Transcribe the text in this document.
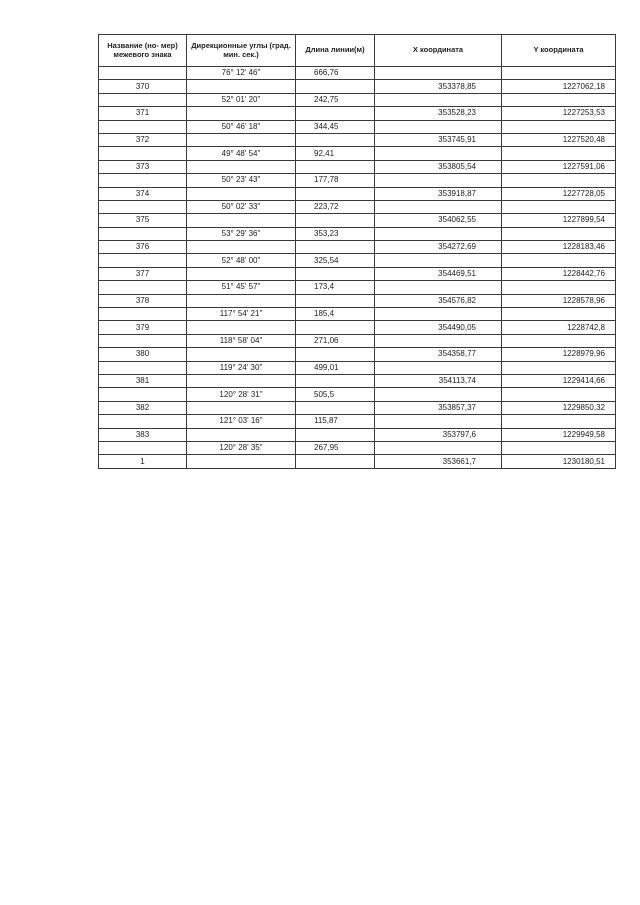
Название (но- мер) межевого знака	Дирекционные углы (град. мин. сек.)	Длина линии(м)	X координата	Y координата
	76° 12' 46"	666,76		
370			353378,85	1227062,18
	52° 01' 20"	242,75		
371			353528,23	1227253,53
	50° 46' 18"	344,45		
372			353745,91	1227520,48
	49° 48' 54"	92,41		
373			353805,54	1227591,06
	50° 23' 43"	177,78		
374			353918,87	1227728,05
	50° 02' 33"	223,72		
375			354062,55	1227899,54
	53° 29' 36"	353,23		
376			354272,69	1228183,46
	52° 48' 00"	325,54		
377			354469,51	1228442,76
	51° 45' 57"	173,4		
378			354576,82	1228578,96
	117° 54' 21"	185,4		
379			354490,05	1228742,8
	118° 58' 04"	271,06		
380			354358,77	1228979,96
	119° 24' 30"	499,01		
381			354113,74	1229414,66
	120° 28' 31"	505,5		
382			353857,37	1229850,32
	121° 03' 16"	115,87		
383			353797,6	1229949,58
	120° 28' 35"	267,95		
1			353661,7	1230180,51
